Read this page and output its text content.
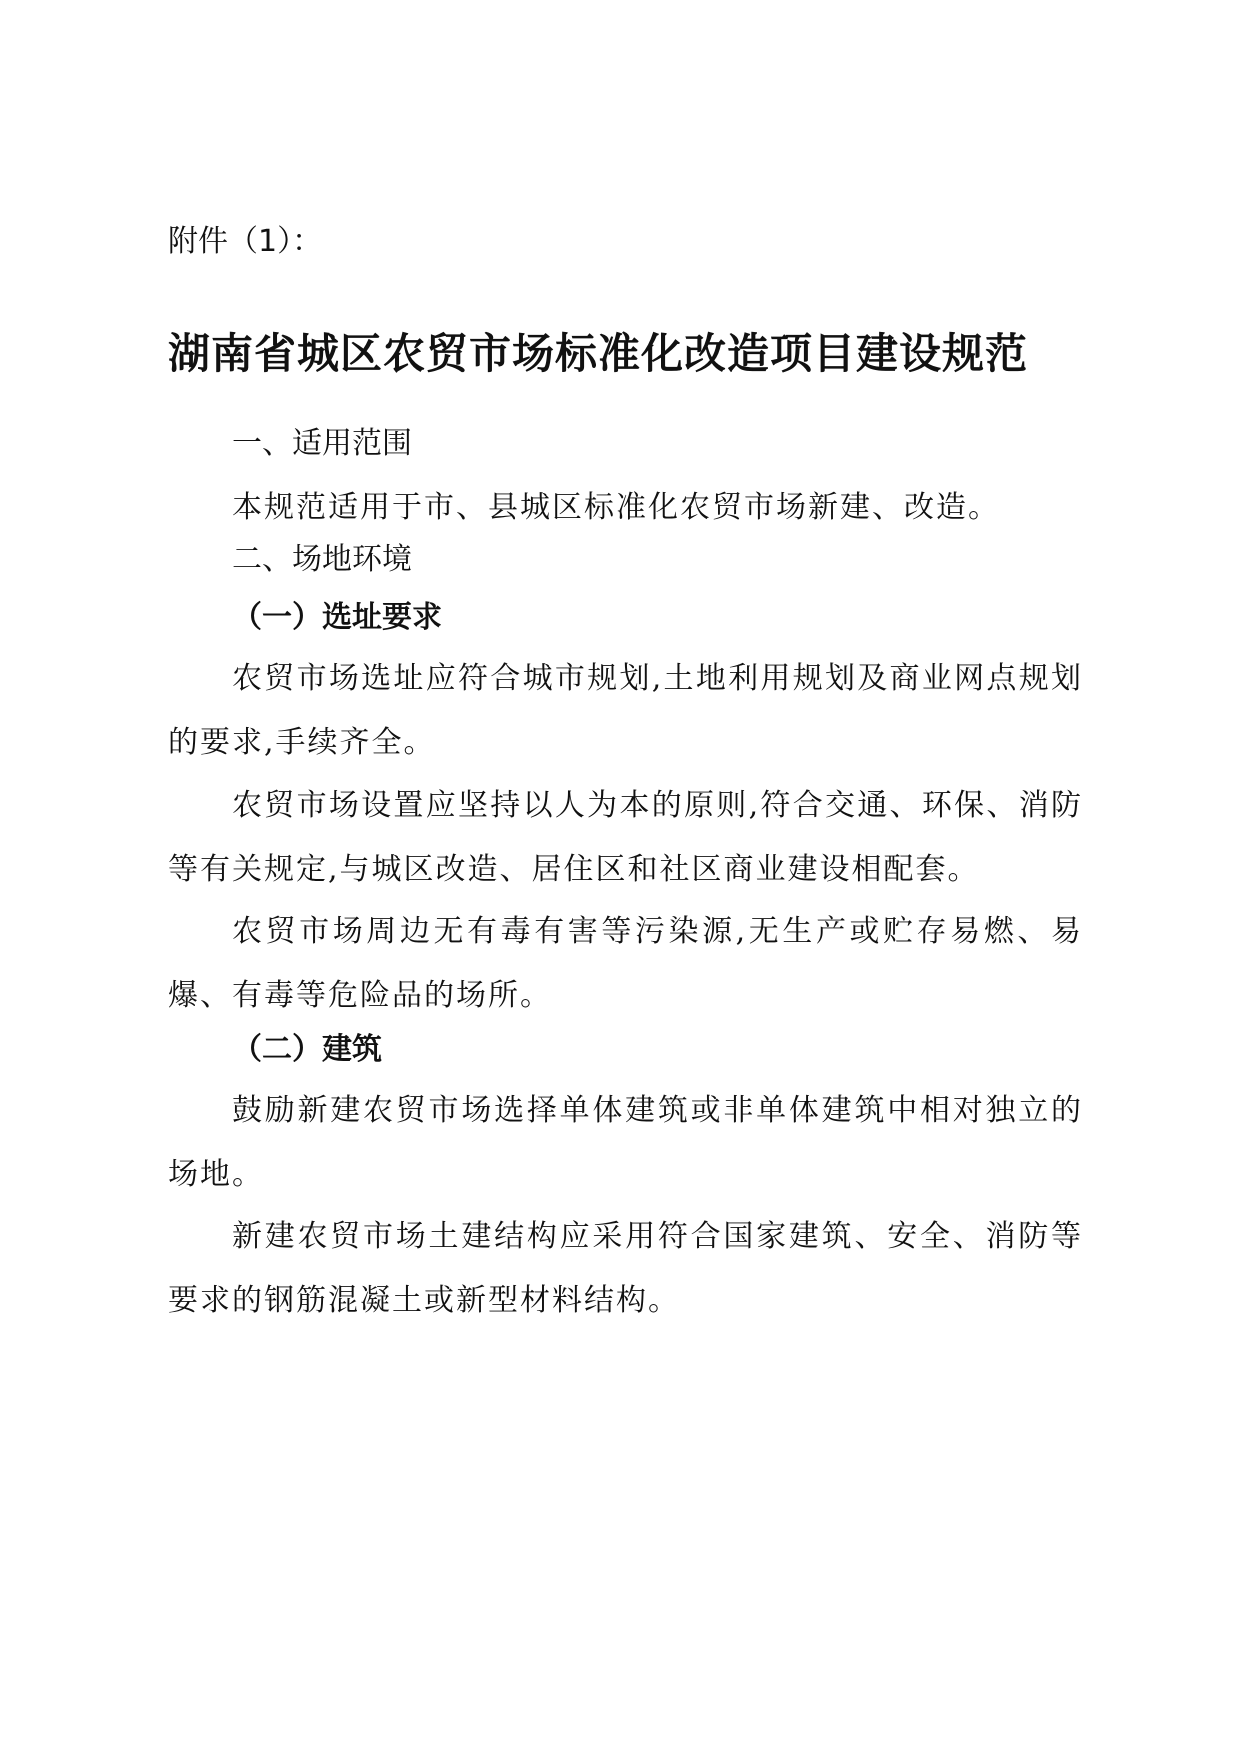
附件（1）：

湖南省城区农贸市场标准化改造项目建设规范

一、适用范围

本规范适用于市、县城区标准化农贸市场新建、改造。

二、场地环境

（一）选址要求

农贸市场选址应符合城市规划,土地利用规划及商业网点规划的要求,手续齐全。

农贸市场设置应坚持以人为本的原则,符合交通、环保、消防等有关规定,与城区改造、居住区和社区商业建设相配套。

农贸市场周边无有毒有害等污染源,无生产或贮存易燃、易爆、有毒等危险品的场所。

（二）建筑

鼓励新建农贸市场选择单体建筑或非单体建筑中相对独立的场地。

新建农贸市场土建结构应采用符合国家建筑、安全、消防等要求的钢筋混凝土或新型材料结构。
